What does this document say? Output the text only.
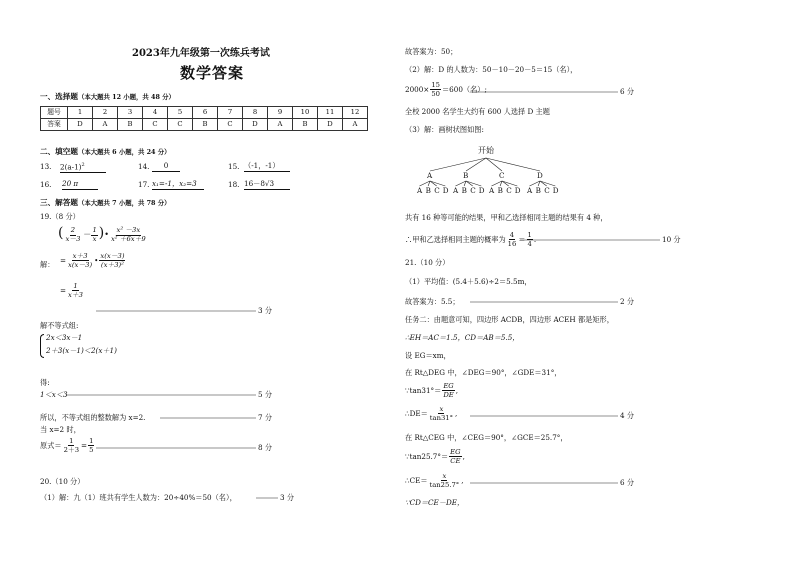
2023年九年级第一次练兵考试
数学答案
一、选择题（本大题共 12 小题，共 48 分）
题号	1	2	3	4	5	6	7	8	9	10	11	12
答案	D	A	B	C	C	B	C	D	A	B	D	A
二、填空题（本大题共 6 小题，共 24 分）
13. $2(a-1)^2$	14.	0	15. （-1，-1）
16. 20 π	17. x₁=-1，x₂=3	18. 16－8√3
三、解答题（本大题共 7 小题，共 78 分）
19.（8 分）
( $\frac{2}{x-3} - \frac{1}{x}$ )• $\frac{\text{x² －3x}}{\text{x² ＋6x＋9}}$
解： = $\frac{x+3}{x(x-3)}$ • $\frac{x(x-3)}{\text{(x＋3)²}}$
= $\frac{1}{x+3}$
3 分
解不等式组:
2x＜3x－1
2＋3(x－1)＜2(x＋1)
得:
1＜x＜3	5 分
所以，不等式组的整数解为 x=2.	7 分
当 x=2 时，
原式＝ $\frac{1}{2+3} = \frac{1}{5}$	8 分
20.（10 分）
（1）解：九（1）班共有学生人数为：20÷40%＝50（名），	3 分
故答案为：50；
（2）解：D 的人数为：50－10－20－5＝15（名），
$2000\times \frac{15}{50} =600$（名）;	6 分
全校 2000 名学生大约有 600 人选择 D 主题
（3）解：画树状图如图:
开始
A
A B C D
B
A B C D
C
A B C D
D
A B C D
共有 16 种等可能的结果，甲和乙选择相同主题的结果有 4 种，
∴甲和乙选择相同主题的概率为 $\frac{4}{16} = \frac{1}{4}$ .	10 分
21.（10 分）
（1）平均值：(5.4＋5.6)÷2＝5.5m，
故答案为：5.5；	2 分
任务二：由题意可知，四边形 ACDB，四边形 ACEH 都是矩形，
∴EH＝AC＝1.5，CD＝AB＝5.5，
设 EG＝xm，
在 Rt△DEG 中，∠DEG＝90°，∠GDE＝31°，
∵tan31°＝ $\frac{EG}{DE}$ ,
∴DE＝ $\frac{x}{\tan 31^\circ}$ ,	4 分
在 Rt△CEG 中，∠CEG＝90°，∠GCE＝25.7°，
∵tan25.7°＝ $\frac{EG}{CE}$ ,
∴CE＝ $\frac{x}{\tan 25.7^\circ}$ ,	6 分
∵CD＝CE－DE，
